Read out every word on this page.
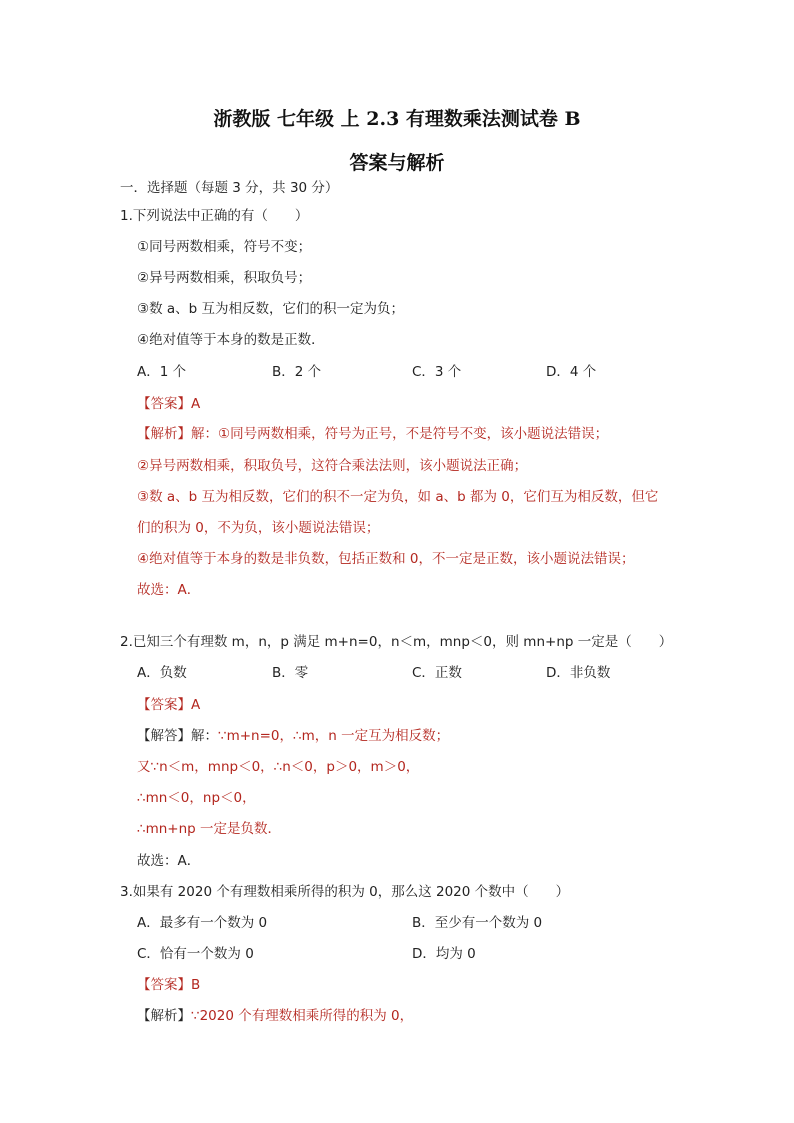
浙教版 七年级 上 2.3 有理数乘法测试卷 B
答案与解析
一．选择题（每题 3 分，共 30 分）
1.下列说法中正确的有（　　）
①同号两数相乘，符号不变；
②异号两数相乘，积取负号；
③数 a、b 互为相反数，它们的积一定为负；
④绝对值等于本身的数是正数．
A．1 个	B．2 个	C．3 个	D．4 个
【答案】A
【解析】解：①同号两数相乘，符号为正号，不是符号不变，该小题说法错误；
②异号两数相乘，积取负号，这符合乘法法则，该小题说法正确；
③数 a、b 互为相反数，它们的积不一定为负，如 a、b 都为 0，它们互为相反数，但它
们的积为 0，不为负，该小题说法错误；
④绝对值等于本身的数是非负数，包括正数和 0，不一定是正数，该小题说法错误；
故选：A．
2.已知三个有理数 m，n，p 满足 m+n=0，n＜m，mnp＜0，则 mn+np 一定是（　　）
A．负数	B．零	C．正数	D．非负数
【答案】A
【解答】解：∵m+n=0，∴m，n 一定互为相反数；
又∵n＜m，mnp＜0，∴n＜0，p＞0，m＞0，
∴mn＜0，np＜0，
∴mn+np 一定是负数．
故选：A．
3.如果有 2020 个有理数相乘所得的积为 0，那么这 2020 个数中（　　）
A．最多有一个数为 0	B．至少有一个数为 0
C．恰有一个数为 0	D．均为 0
【答案】B
【解析】∵2020 个有理数相乘所得的积为 0，
